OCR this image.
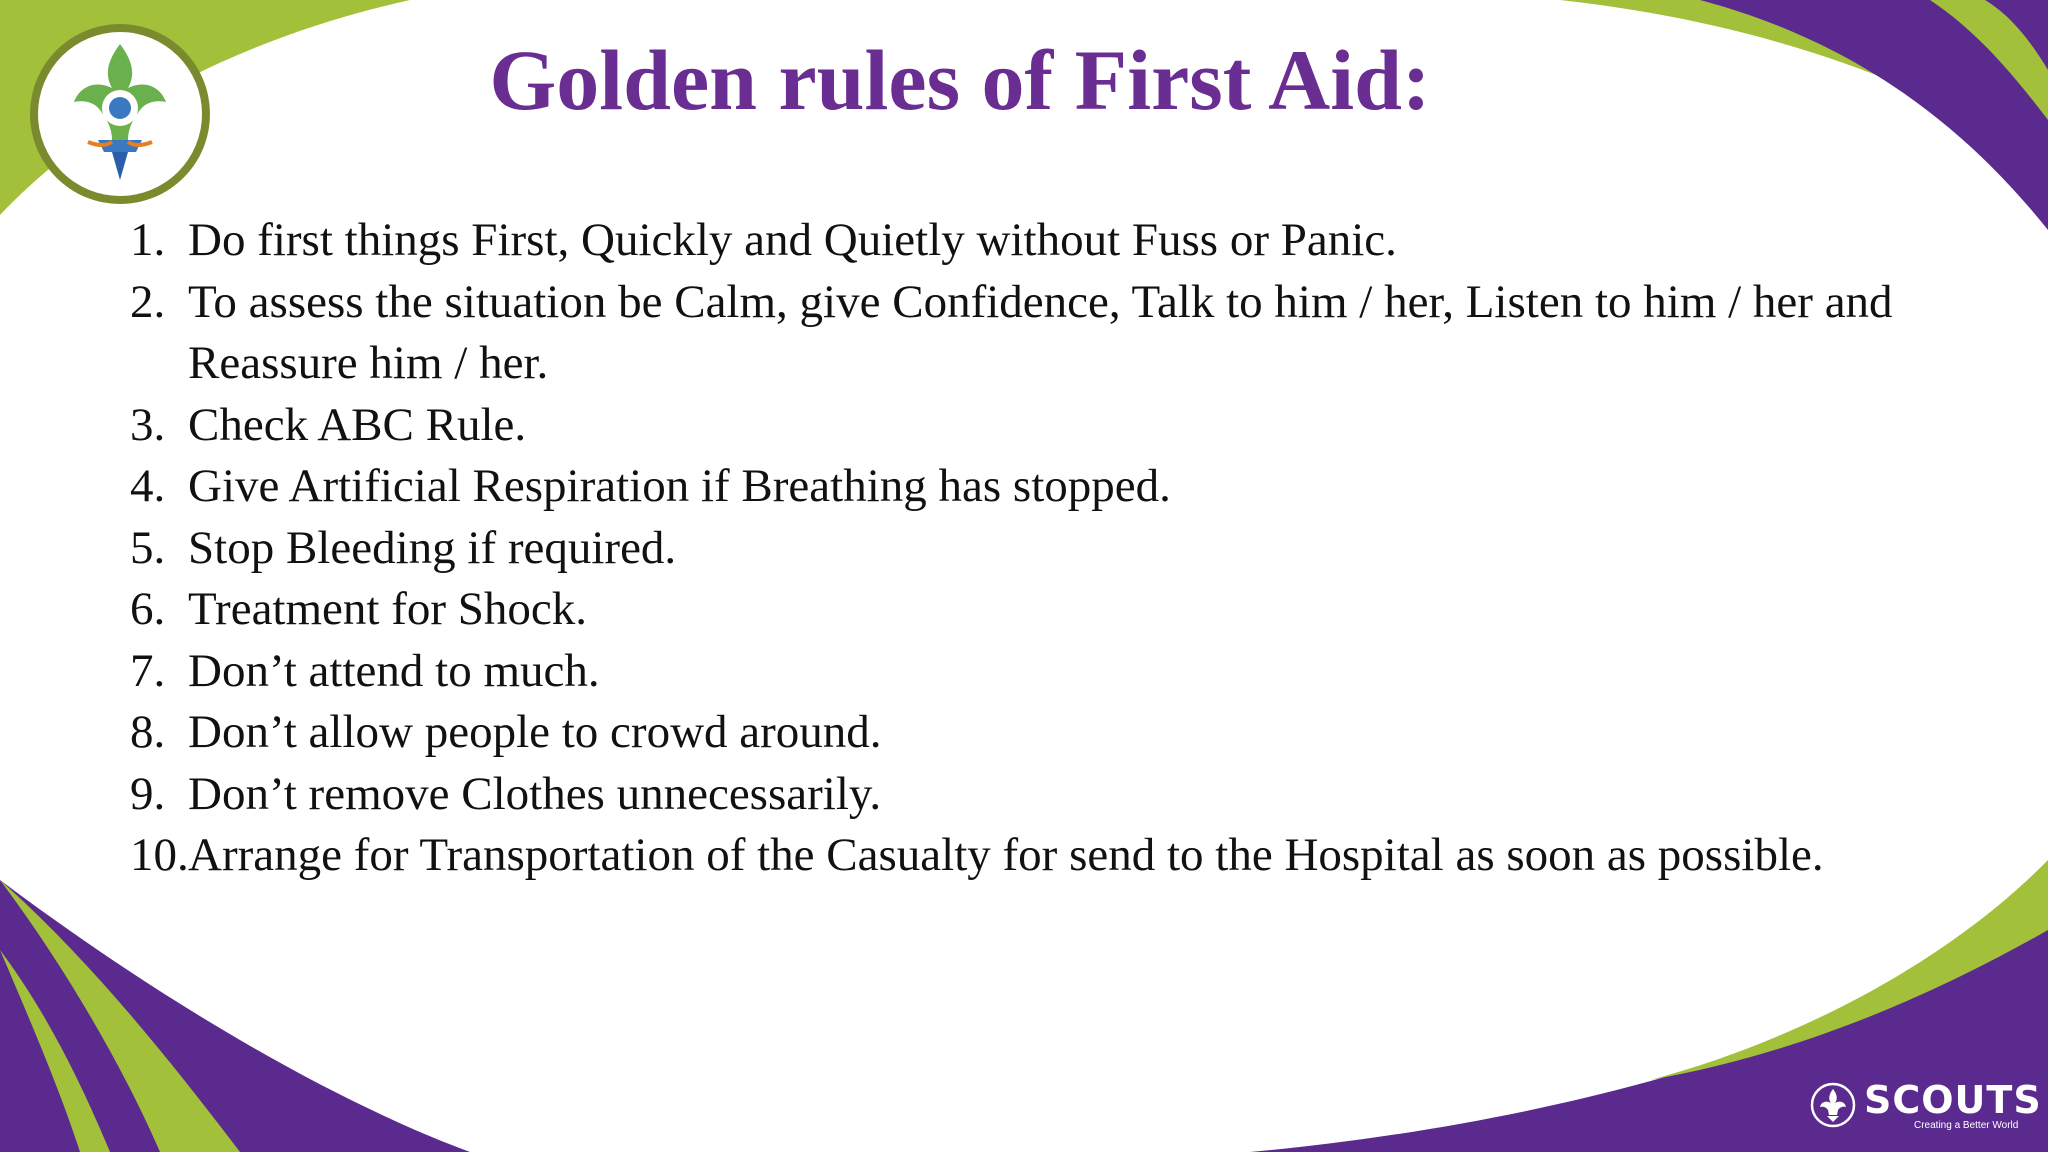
Golden rules of First Aid:
1. Do first things First, Quickly and Quietly without Fuss or Panic.
2. To assess the situation be Calm, give Confidence, Talk to him / her, Listen to him / her and Reassure him / her.
3. Check ABC Rule.
4. Give Artificial Respiration if Breathing has stopped.
5. Stop Bleeding if required.
6. Treatment for Shock.
7. Don’t attend to much.
8. Don’t allow people to crowd around.
9. Don’t remove Clothes unnecessarily.
10. Arrange for Transportation of the Casualty for send to the Hospital as soon as possible.
SCOUTS
Creating a Better World
